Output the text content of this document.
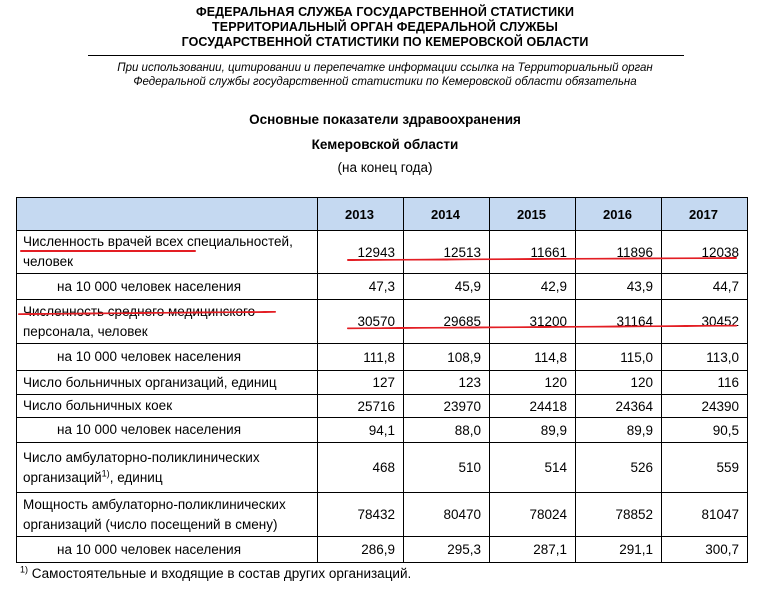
ФЕДЕРАЛЬНАЯ СЛУЖБА ГОСУДАРСТВЕННОЙ СТАТИСТИКИ
ТЕРРИТОРИАЛЬНЫЙ ОРГАН ФЕДЕРАЛЬНОЙ СЛУЖБЫ
ГОСУДАРСТВЕННОЙ СТАТИСТИКИ ПО КЕМЕРОВСКОЙ ОБЛАСТИ
При использовании, цитировании и перепечатке информации ссылка на Территориальный орган
Федеральной службы государственной статистики по Кемеровской области обязательна
Основные показатели здравоохранения
Кемеровской области
(на конец года)
	2013	2014	2015	2016	2017
Численность врачей всех специальностей, человек	12943	12513	11661	11896	12038
на 10 000 человек населения	47,3	45,9	42,9	43,9	44,7
Численность среднего медицинского персонала, человек	30570	29685	31200	31164	30452
на 10 000 человек населения	111,8	108,9	114,8	115,0	113,0
Число больничных организаций, единиц	127	123	120	120	116
Число больничных коек	25716	23970	24418	24364	24390
на 10 000 человек населения	94,1	88,0	89,9	89,9	90,5
Число амбулаторно-поликлинических организаций$^{1)}$, единиц	468	510	514	526	559
Мощность амбулаторно-поликлинических организаций (число посещений в смену)	78432	80470	78024	78852	81047
на 10 000 человек населения	286,9	295,3	287,1	291,1	300,7
$^{1)}$ Самостоятельные и входящие в состав других организаций.
